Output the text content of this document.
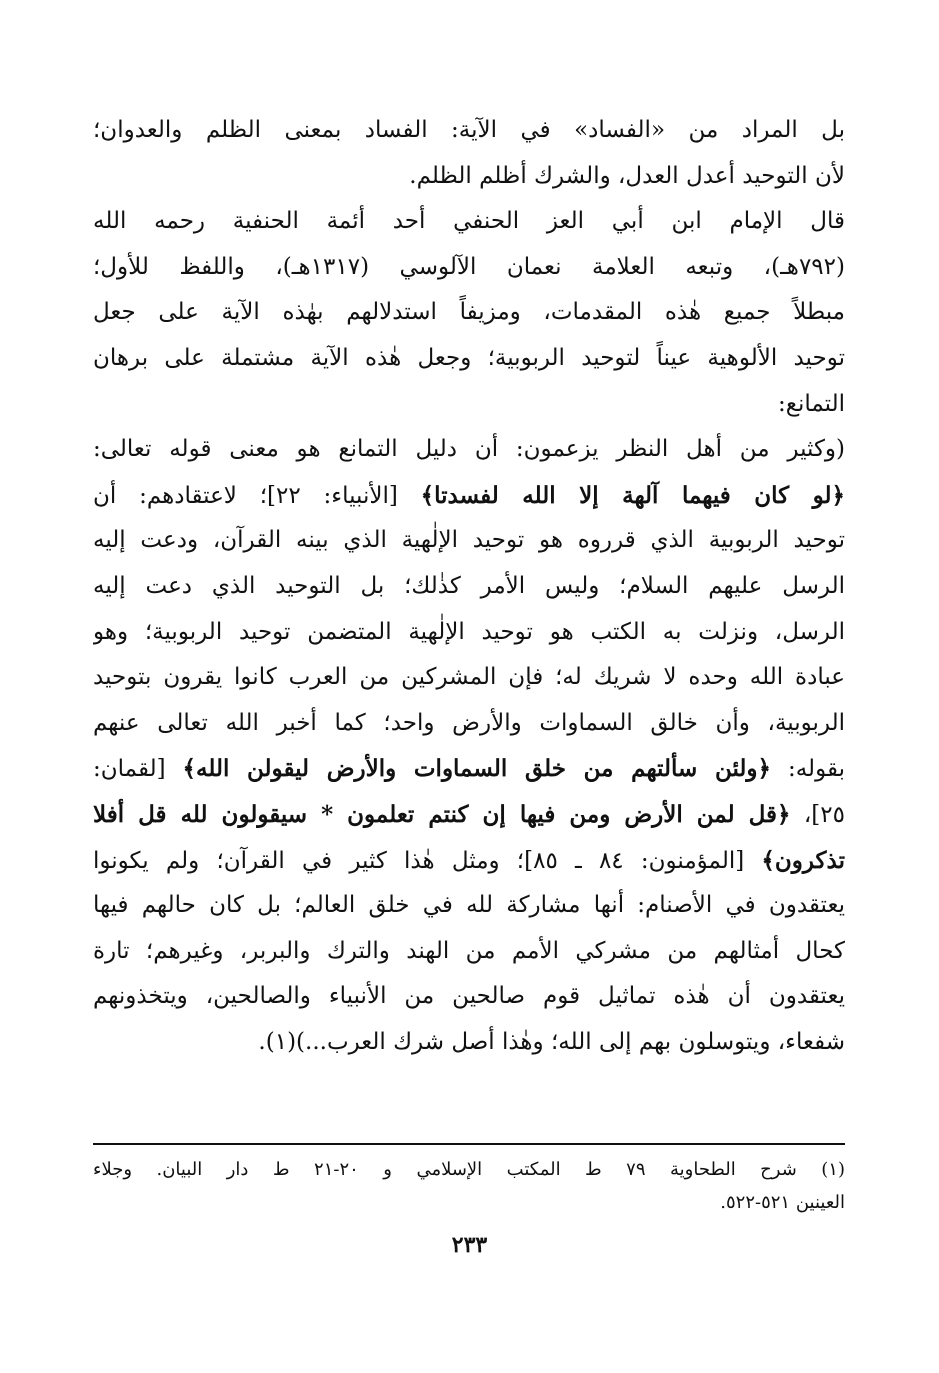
بل المراد من «الفساد» في الآية: الفساد بمعنى الظلم والعدوان؛
لأن التوحيد أعدل العدل، والشرك أظلم الظلم.
قال الإمام ابن أبي العز الحنفي أحد أئمة الحنفية رحمه الله
(٧٩٢هـ)، وتبعه العلامة نعمان الآلوسي (١٣١٧هـ)، واللفظ للأول؛
مبطلاً جميع هٰذه المقدمات، ومزيفاً استدلالهم بهٰذه الآية على جعل
توحيد الألوهية عيناً لتوحيد الربوبية؛ وجعل هٰذه الآية مشتملة على برهان
التمانع:
(وكثير من أهل النظر يزعمون: أن دليل التمانع هو معنى قوله تعالى:
﴿لو كان فيهما آلهة إلا الله لفسدتا﴾ [الأنبياء: ٢٢]؛ لاعتقادهم: أن
توحيد الربوبية الذي قرروه هو توحيد الإلٰهية الذي بينه القرآن، ودعت إليه
الرسل عليهم السلام؛ وليس الأمر كذٰلك؛ بل التوحيد الذي دعت إليه
الرسل، ونزلت به الكتب هو توحيد الإلٰهية المتضمن توحيد الربوبية؛ وهو
عبادة الله وحده لا شريك له؛ فإن المشركين من العرب كانوا يقرون بتوحيد
الربوبية، وأن خالق السماوات والأرض واحد؛ كما أخبر الله تعالى عنهم
بقوله: ﴿ولئن سألتهم من خلق السماوات والأرض ليقولن الله﴾ [لقمان:
٢٥]، ﴿قل لمن الأرض ومن فيها إن كنتم تعلمون * سيقولون لله قل أفلا
تذكرون﴾ [المؤمنون: ٨٤ ـ ٨٥]؛ ومثل هٰذا كثير في القرآن؛ ولم يكونوا
يعتقدون في الأصنام: أنها مشاركة لله في خلق العالم؛ بل كان حالهم فيها
كحال أمثالهم من مشركي الأمم من الهند والترك والبربر، وغيرهم؛ تارة
يعتقدون أن هٰذه تماثيل قوم صالحين من الأنبياء والصالحين، ويتخذونهم
شفعاء، ويتوسلون بهم إلى الله؛ وهٰذا أصل شرك العرب...)(١).
(١) شرح الطحاوية ٧٩ ط المكتب الإسلامي و ٢٠-٢١ ط دار البيان. وجلاء
العينين ٥٢١-٥٢٢.
٢٣٣
